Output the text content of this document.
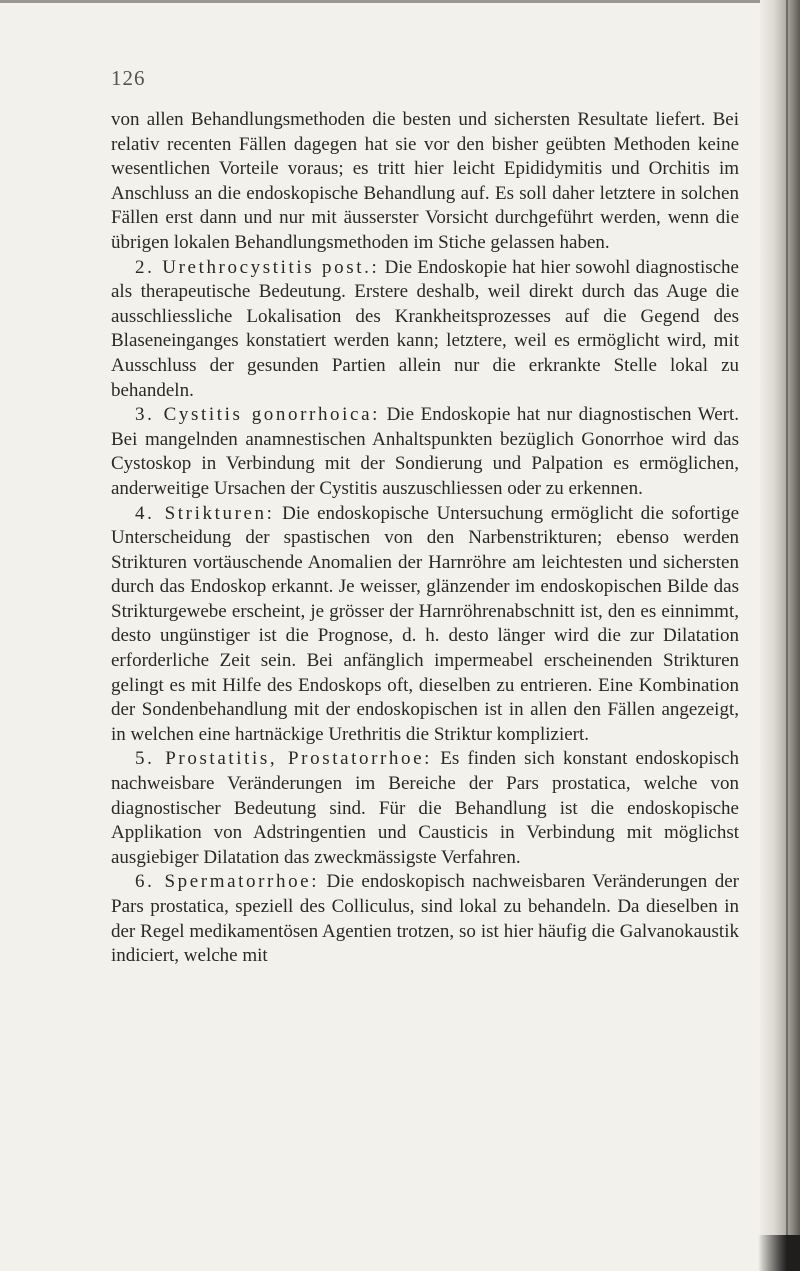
126

von allen Behandlungsmethoden die besten und sichersten Resultate liefert. Bei relativ recenten Fällen dagegen hat sie vor den bisher geübten Methoden keine wesentlichen Vorteile voraus; es tritt hier leicht Epididymitis und Orchitis im Anschluss an die endoskopische Behandlung auf. Es soll daher letztere in solchen Fällen erst dann und nur mit äusserster Vorsicht durchgeführt werden, wenn die übrigen lokalen Behandlungsmethoden im Stiche gelassen haben.

2. Urethrocystitis post.: Die Endoskopie hat hier sowohl diagnostische als therapeutische Bedeutung. Erstere deshalb, weil direkt durch das Auge die ausschliessliche Lokalisation des Krankheitsprozesses auf die Gegend des Blaseneinganges konstatiert werden kann; letztere, weil es ermöglicht wird, mit Ausschluss der gesunden Partien allein nur die erkrankte Stelle lokal zu behandeln.

3. Cystitis gonorrhoica: Die Endoskopie hat nur diagnostischen Wert. Bei mangelnden anamnestischen Anhaltspunkten bezüglich Gonorrhoe wird das Cystoskop in Verbindung mit der Sondierung und Palpation es ermöglichen, anderweitige Ursachen der Cystitis auszuschliessen oder zu erkennen.

4. Strikturen: Die endoskopische Untersuchung ermöglicht die sofortige Unterscheidung der spastischen von den Narbenstrikturen; ebenso werden Strikturen vortäuschende Anomalien der Harnröhre am leichtesten und sichersten durch das Endoskop erkannt. Je weisser, glänzender im endoskopischen Bilde das Strikturgewebe erscheint, je grösser der Harnröhrenabschnitt ist, den es einnimmt, desto ungünstiger ist die Prognose, d. h. desto länger wird die zur Dilatation erforderliche Zeit sein. Bei anfänglich impermeabel erscheinenden Strikturen gelingt es mit Hilfe des Endoskops oft, dieselben zu entrieren. Eine Kombination der Sondenbehandlung mit der endoskopischen ist in allen den Fällen angezeigt, in welchen eine hartnäckige Urethritis die Striktur kompliziert.

5. Prostatitis, Prostatorrhoe: Es finden sich konstant endoskopisch nachweisbare Veränderungen im Bereiche der Pars prostatica, welche von diagnostischer Bedeutung sind. Für die Behandlung ist die endoskopische Applikation von Adstringentien und Causticis in Verbindung mit möglichst ausgiebiger Dilatation das zweckmässigste Verfahren.

6. Spermatorrhoe: Die endoskopisch nachweisbaren Veränderungen der Pars prostatica, speziell des Colliculus, sind lokal zu behandeln. Da dieselben in der Regel medikamentösen Agentien trotzen, so ist hier häufig die Galvanokaustik indiciert, welche mit
